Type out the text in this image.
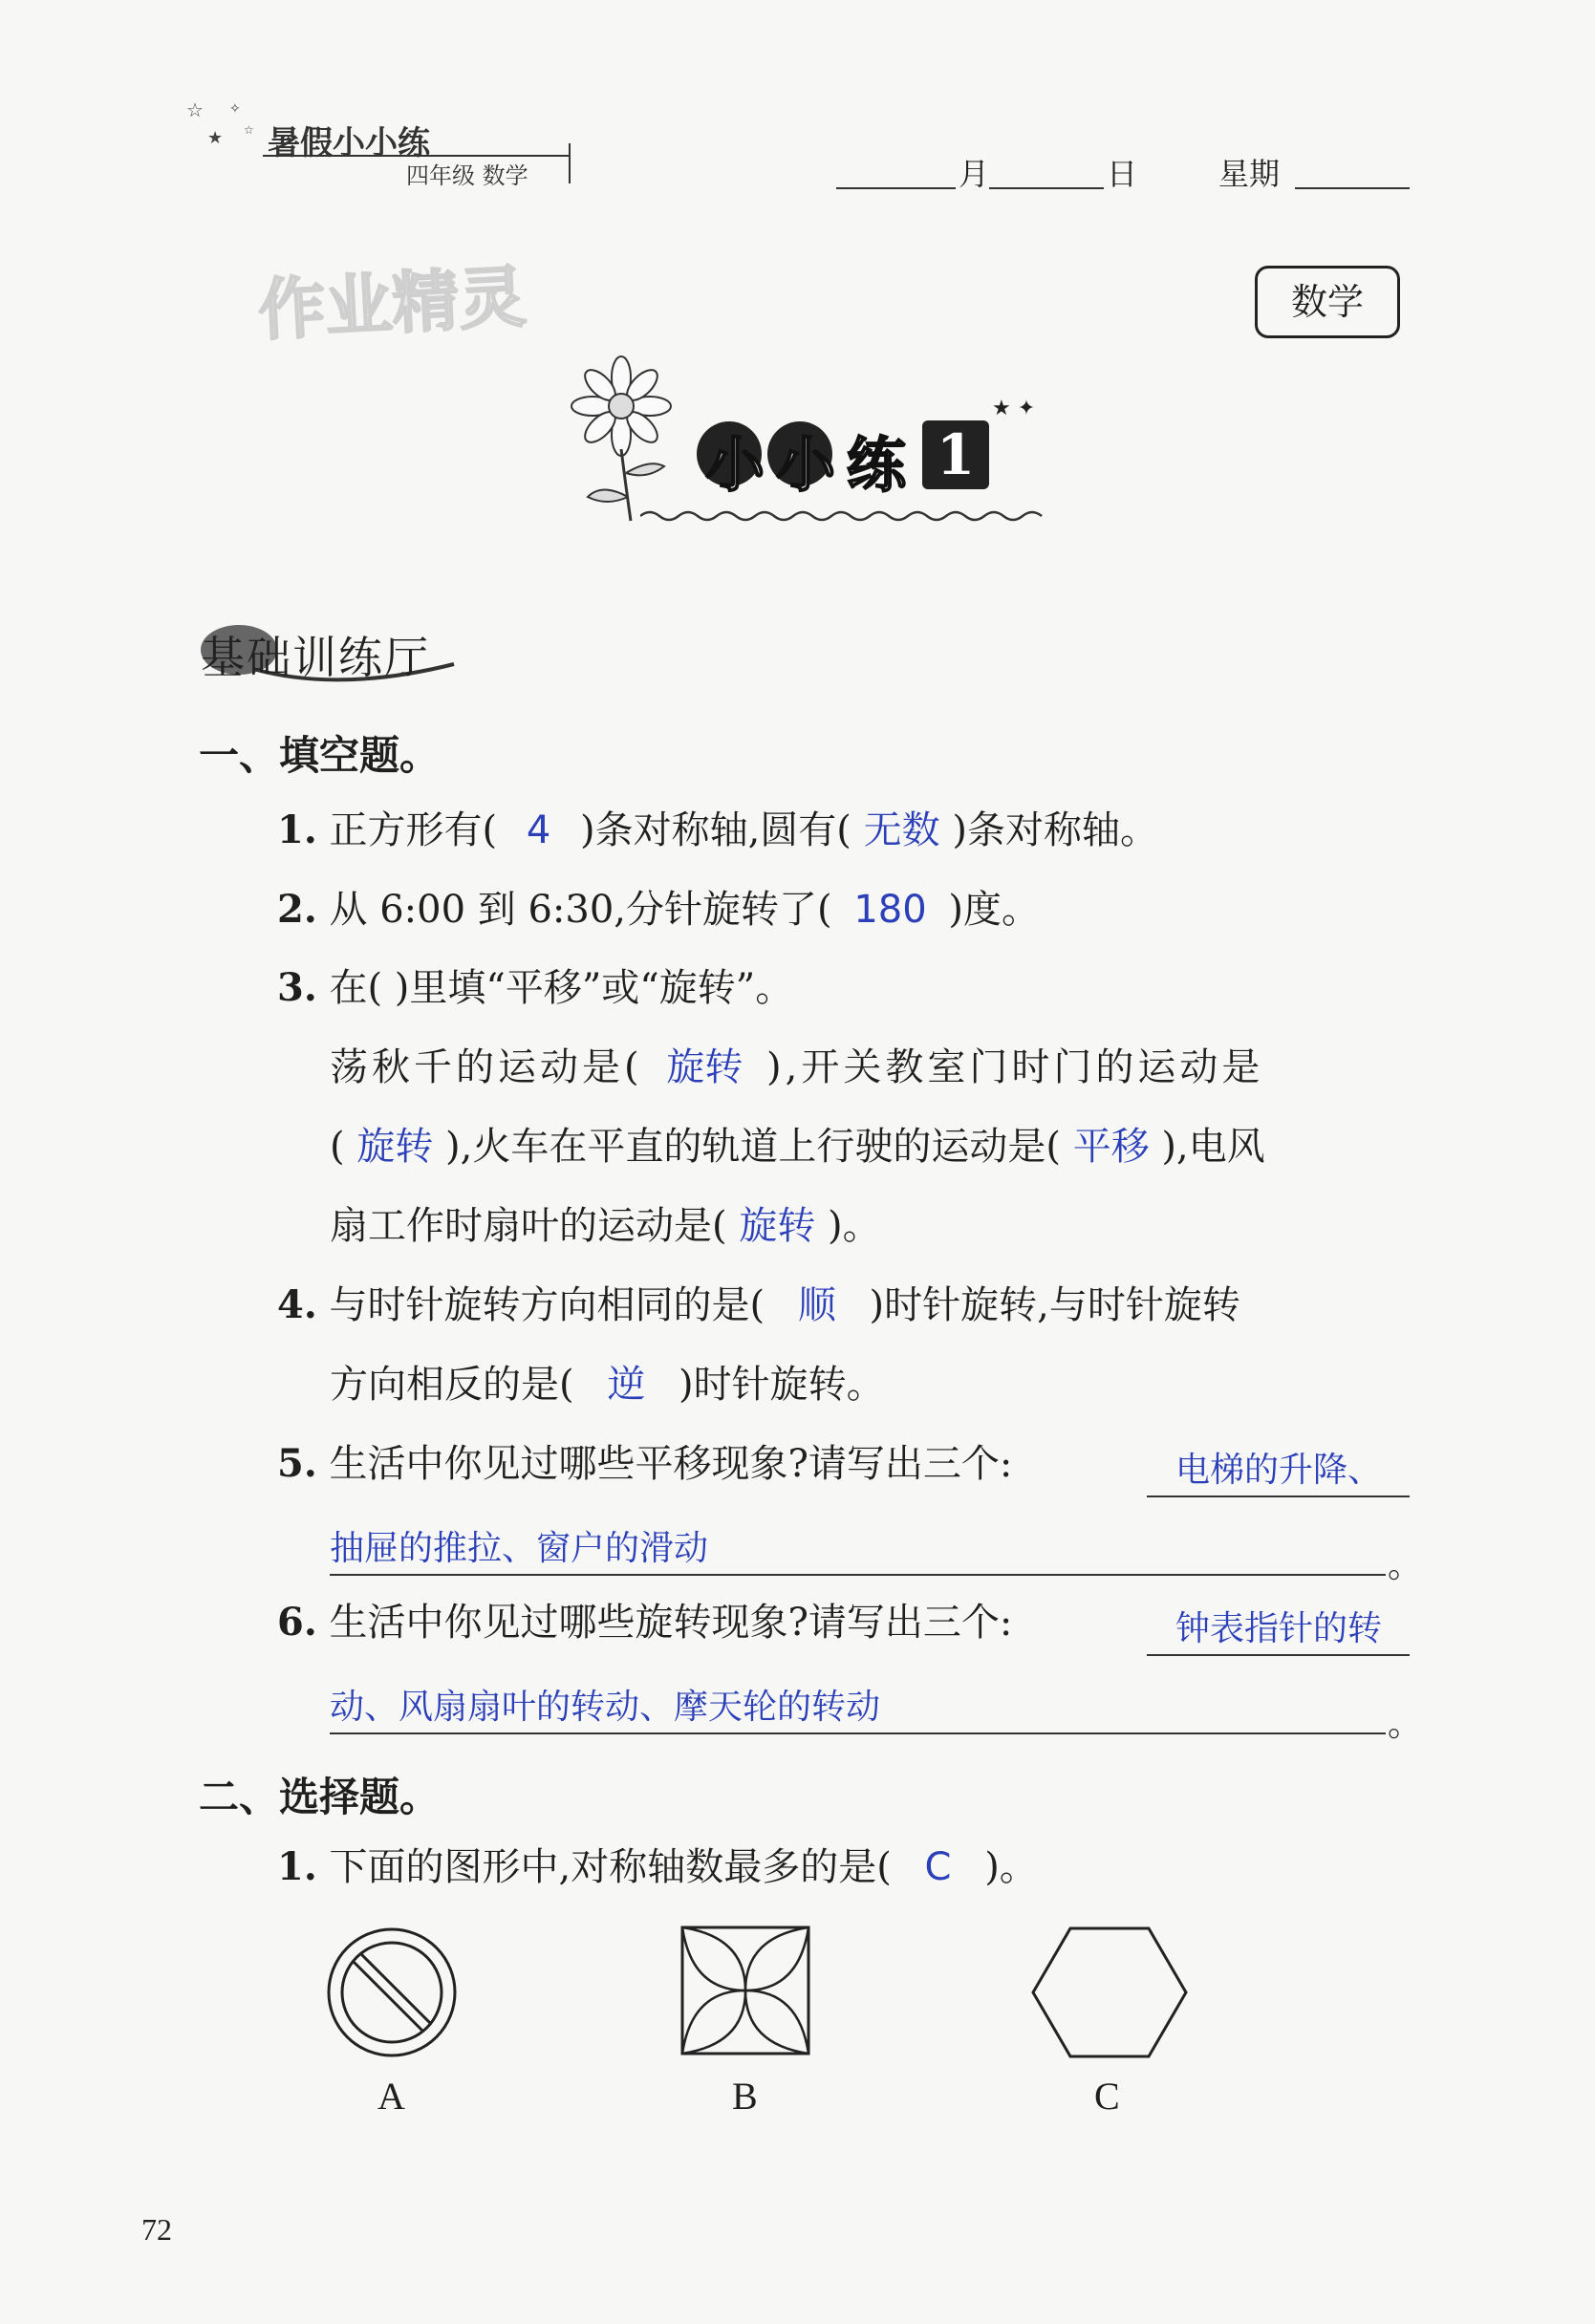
☆
★
✧
☆ 暑假小小练
四年级 数学	月	日	星期
作业精灵	数学
小小练 1
★ ✦
基础训练厅
一、填空题。
1. 正方形有( 4 )条对称轴,圆有( 无数 )条对称轴。
2. 从 6:00 到 6:30,分针旋转了( 180 )度。
3. 在( )里填“平移”或“旋转”。
荡秋千的运动是( 旋转 ),开关教室门时门的运动是
( 旋转 ),火车在平直的轨道上行驶的运动是( 平移 ),电风
扇工作时扇叶的运动是( 旋转 )。
4. 与时针旋转方向相同的是( 顺 )时针旋转,与时针旋转
方向相反的是( 逆 )时针旋转。
5. 生活中你见过哪些平移现象?请写出三个:	电梯的升降、
抽屉的推拉、窗户的滑动	。
6. 生活中你见过哪些旋转现象?请写出三个:	钟表指针的转
动、风扇扇叶的转动、摩天轮的转动	。
二、选择题。
1. 下面的图形中,对称轴数最多的是( C )。
A	B	C
72
